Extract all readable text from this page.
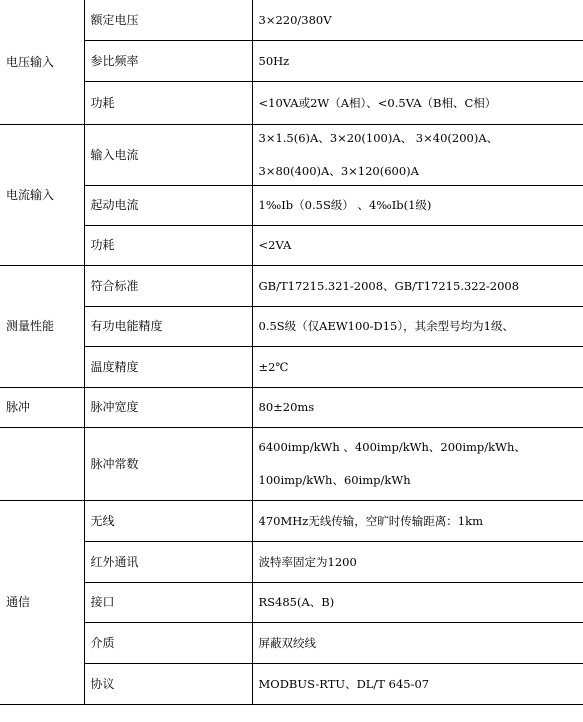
电压输入	额定电压	3×220/380V

	参比频率	50Hz

	功耗	<10VA或2W（A相）、<0.5VA（B相、C相）

电流输入	输入电流	3×1.5(6)A、3×20(100)A、 3×40(200)A、
3×80(400)A、3×120(600)A

	起动电流	1‰Ib（0.5S级） 、4‰Ib(1级)

	功耗	<2VA

测量性能	符合标准	GB/T17215.321-2008、GB/T17215.322-2008

	有功电能精度	0.5S级（仅AEW100-D15），其余型号均为1级、

	温度精度	±2℃

脉冲	脉冲宽度	80±20ms

	脉冲常数	6400imp/kWh 、400imp/kWh、200imp/kWh、
100imp/kWh、60imp/kWh

通信	无线	470MHz无线传输，空旷时传输距离：1km

	红外通讯	波特率固定为1200

	接口	RS485(A、B)

	介质	屏蔽双绞线

	协议	MODBUS-RTU、DL/T 645-07
